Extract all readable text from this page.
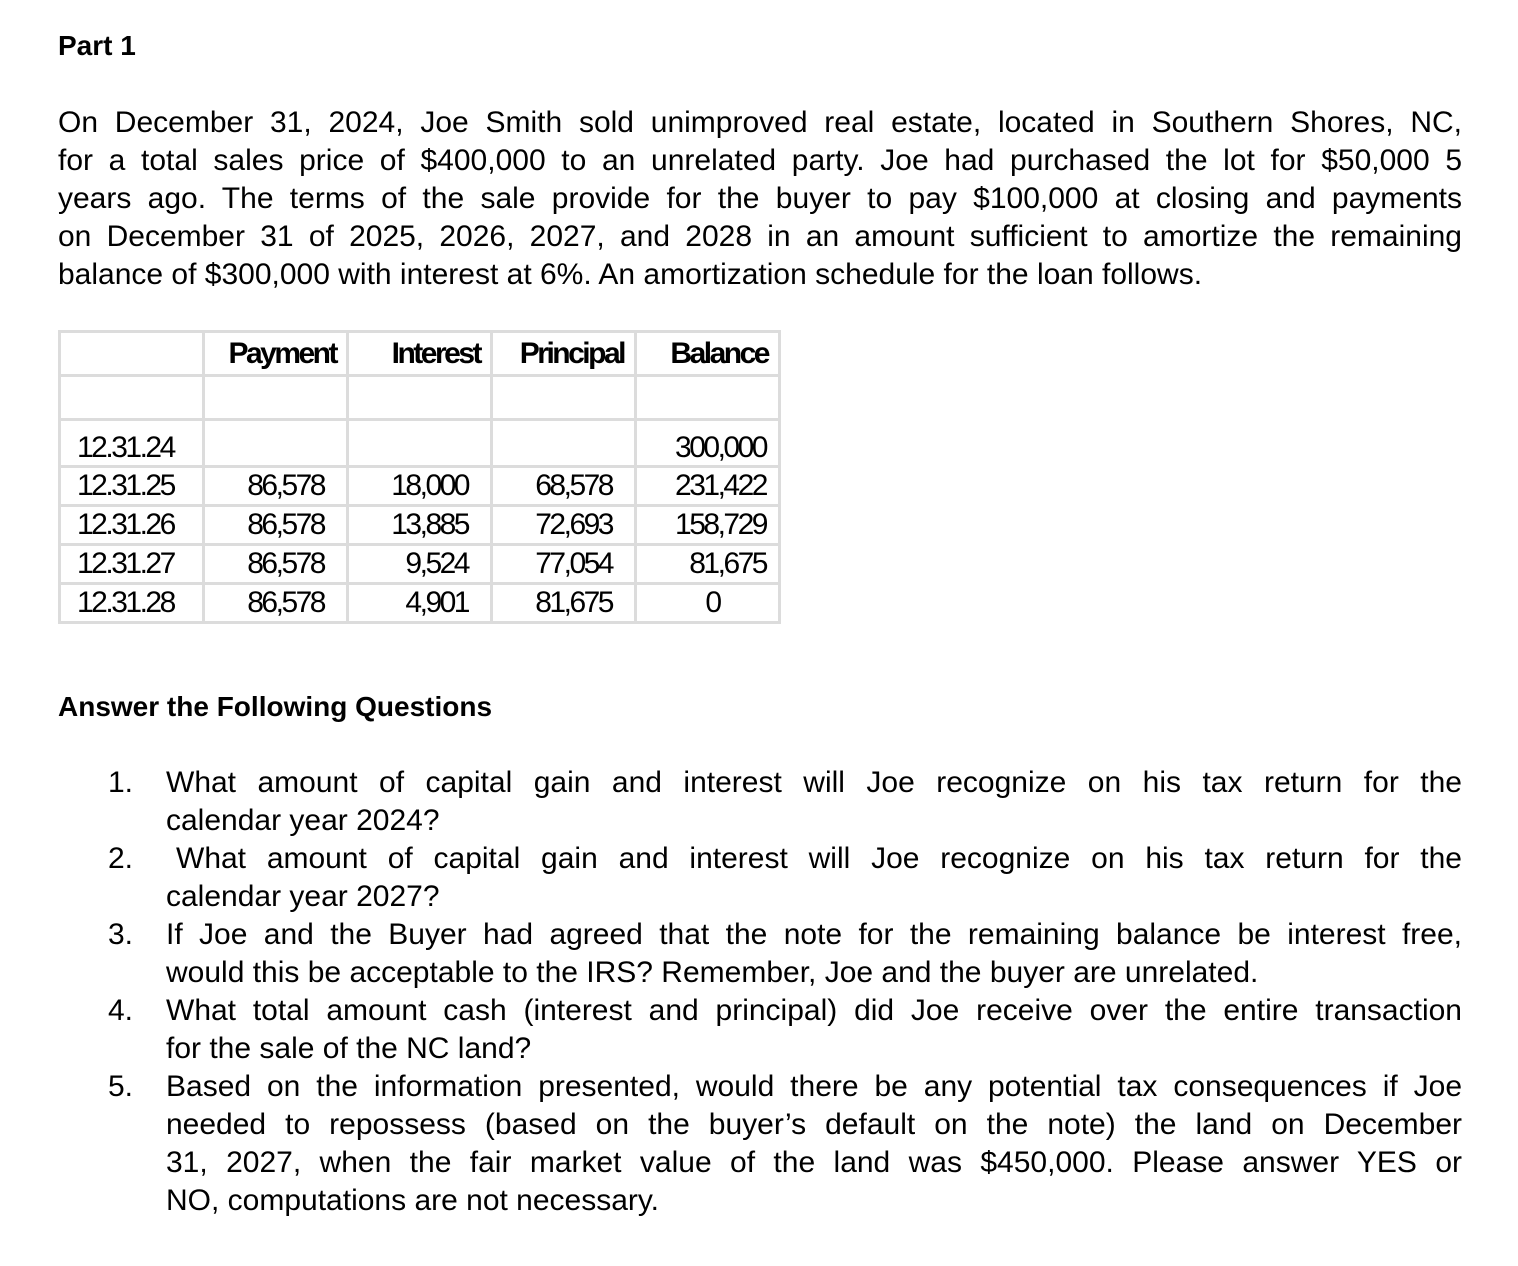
Part 1

On December 31, 2024, Joe Smith sold unimproved real estate, located in Southern Shores, NC,
for a total sales price of $400,000 to an unrelated party. Joe had purchased the lot for $50,000 5
years ago. The terms of the sale provide for the buyer to pay $100,000 at closing and payments
on December 31 of 2025, 2026, 2027, and 2028 in an amount sufficient to amortize the remaining
balance of $300,000 with interest at 6%. An amortization schedule for the loan follows.

	Payment	Interest	Principal	Balance

12.31.24				300,000
12.31.25	86,578	18,000	68,578	231,422
12.31.26	86,578	13,885	72,693	158,729
12.31.27	86,578	9,524	77,054	81,675
12.31.28	86,578	4,901	81,675	0
Answer the Following Questions
1. What amount of capital gain and interest will Joe recognize on his tax return for the
calendar year 2024?
2.	What amount of capital gain and interest will Joe recognize on his tax return for the
calendar year 2027?
3. If Joe and the Buyer had agreed that the note for the remaining balance be interest free,
would this be acceptable to the IRS? Remember, Joe and the buyer are unrelated.
4. What total amount cash (interest and principal) did Joe receive over the entire transaction
for the sale of the NC land?
5. Based on the information presented, would there be any potential tax consequences if Joe
needed to repossess (based on the buyer’s default on the note) the land on December
31, 2027, when the fair market value of the land was $450,000. Please answer YES or
NO, computations are not necessary.
